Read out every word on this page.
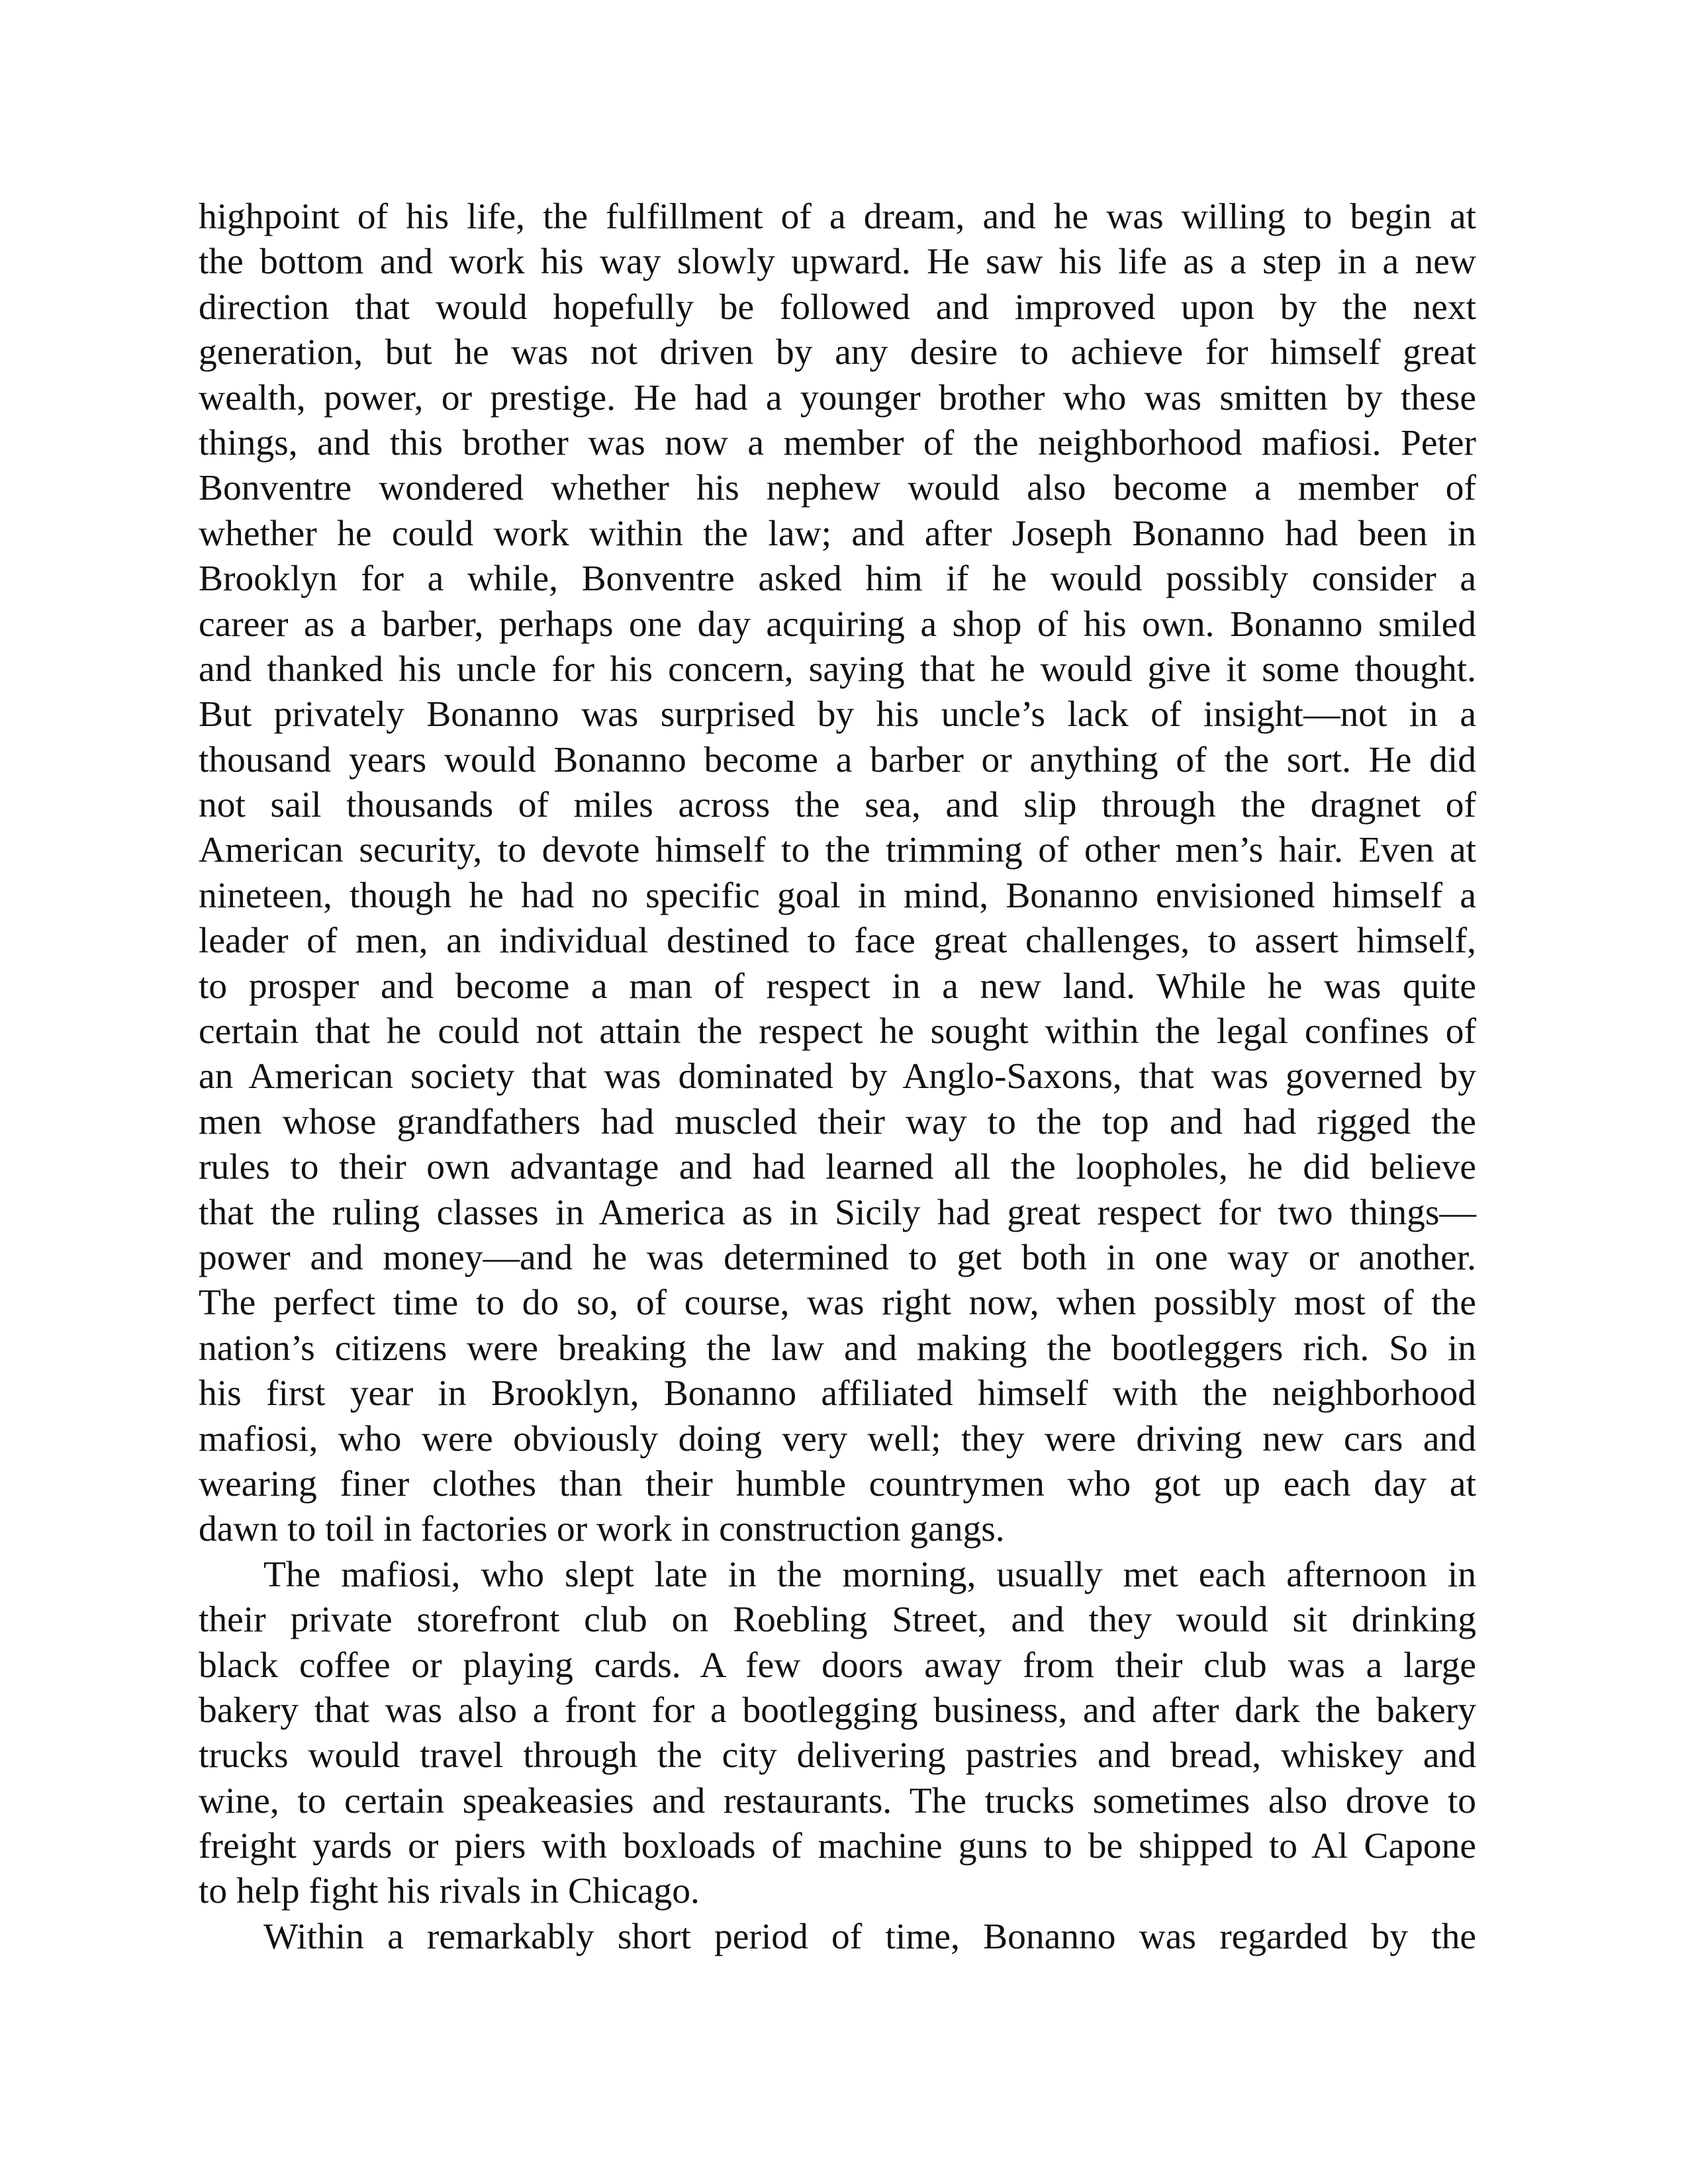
highpoint of his life, the fulfillment of a dream, and he was willing to begin at
the bottom and work his way slowly upward. He saw his life as a step in a new
direction that would hopefully be followed and improved upon by the next
generation, but he was not driven by any desire to achieve for himself great
wealth, power, or prestige. He had a younger brother who was smitten by these
things, and this brother was now a member of the neighborhood mafiosi. Peter
Bonventre wondered whether his nephew would also become a member of
whether he could work within the law; and after Joseph Bonanno had been in
Brooklyn for a while, Bonventre asked him if he would possibly consider a
career as a barber, perhaps one day acquiring a shop of his own. Bonanno smiled
and thanked his uncle for his concern, saying that he would give it some thought.
But privately Bonanno was surprised by his uncle’s lack of insight—not in a
thousand years would Bonanno become a barber or anything of the sort. He did
not sail thousands of miles across the sea, and slip through the dragnet of
American security, to devote himself to the trimming of other men’s hair. Even at
nineteen, though he had no specific goal in mind, Bonanno envisioned himself a
leader of men, an individual destined to face great challenges, to assert himself,
to prosper and become a man of respect in a new land. While he was quite
certain that he could not attain the respect he sought within the legal confines of
an American society that was dominated by Anglo-Saxons, that was governed by
men whose grandfathers had muscled their way to the top and had rigged the
rules to their own advantage and had learned all the loopholes, he did believe
that the ruling classes in America as in Sicily had great respect for two things—
power and money—and he was determined to get both in one way or another.
The perfect time to do so, of course, was right now, when possibly most of the
nation’s citizens were breaking the law and making the bootleggers rich. So in
his first year in Brooklyn, Bonanno affiliated himself with the neighborhood
mafiosi, who were obviously doing very well; they were driving new cars and
wearing finer clothes than their humble countrymen who got up each day at
dawn to toil in factories or work in construction gangs.
The mafiosi, who slept late in the morning, usually met each afternoon in
their private storefront club on Roebling Street, and they would sit drinking
black coffee or playing cards. A few doors away from their club was a large
bakery that was also a front for a bootlegging business, and after dark the bakery
trucks would travel through the city delivering pastries and bread, whiskey and
wine, to certain speakeasies and restaurants. The trucks sometimes also drove to
freight yards or piers with boxloads of machine guns to be shipped to Al Capone
to help fight his rivals in Chicago.
Within a remarkably short period of time, Bonanno was regarded by the
